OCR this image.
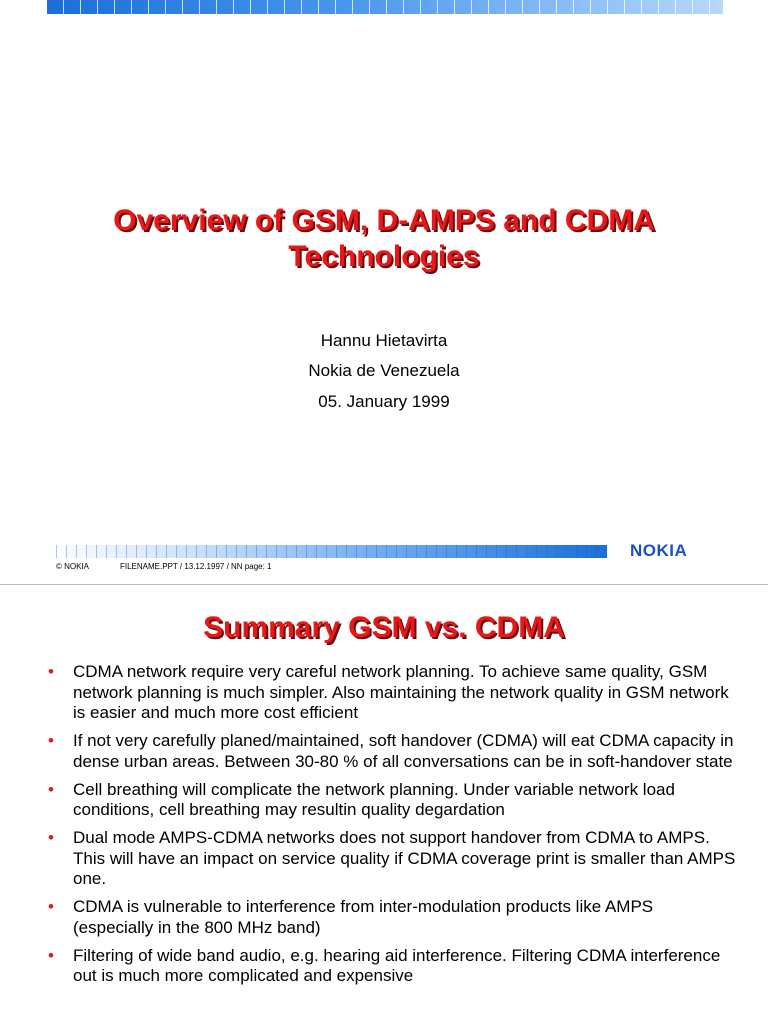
Overview of GSM, D-AMPS and CDMA
Technologies
Hannu Hietavirta
Nokia de Venezuela
05. January 1999
NOKIA
© NOKIA	FILENAME.PPT / 13.12.1997 / NN page: 1
Summary GSM vs. CDMA
• CDMA network require very careful network planning. To achieve same quality, GSM network planning is much simpler. Also maintaining the network quality in GSM network is easier and much more cost efficient
• If not very carefully planed/maintained, soft handover (CDMA) will eat CDMA capacity in dense urban areas. Between 30-80 % of all conversations can be in soft-handover state
• Cell breathing will complicate the network planning. Under variable network load conditions, cell breathing may resultin quality degardation
• Dual mode AMPS-CDMA networks does not support handover from CDMA to AMPS. This will have an impact on service quality if CDMA coverage print is smaller than AMPS one.
• CDMA is vulnerable to interference from inter-modulation products like AMPS (especially in the 800 MHz band)
• Filtering of wide band audio, e.g. hearing aid interference. Filtering CDMA interference out is much more complicated and expensive
